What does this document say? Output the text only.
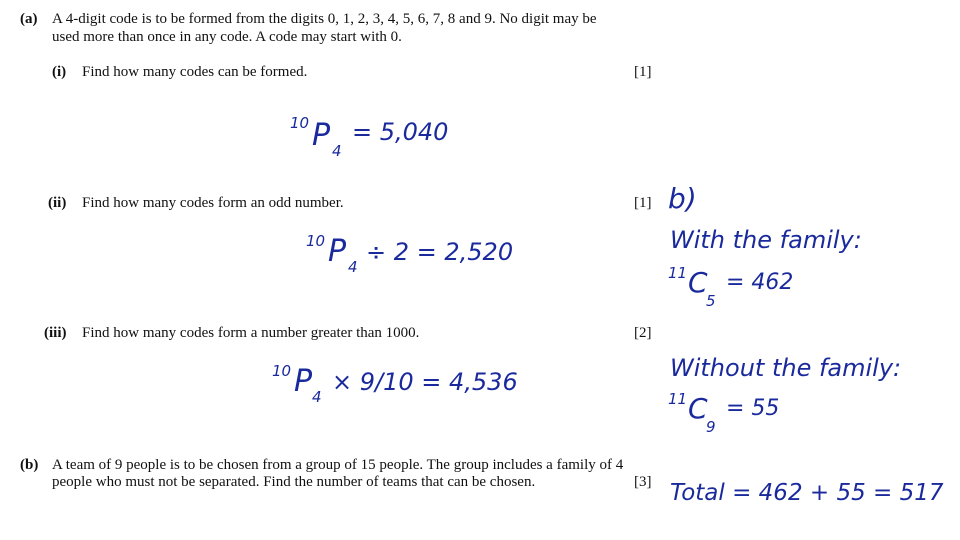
(a) A 4-digit code is to be formed from the digits 0, 1, 2, 3, 4, 5, 6, 7, 8 and 9. No digit may be
used more than once in any code. A code may start with 0.
(i) Find how many codes can be formed.	[1]
(ii) Find how many codes form an odd number.	[1]
(iii) Find how many codes form a number greater than 1000.	[2]
(b) A team of 9 people is to be chosen from a group of 15 people. The group includes a family of 4
people who must not be separated. Find the number of teams that can be chosen.	[3]
10 P 4
= 5,040
10 P 4
÷ 2 = 2,520
10 P 4
× 9/10 = 4,536
b)
With the family:
11 C
5
= 462
Without the family:
11 C
9
= 55
Total = 462 + 55 = 517
